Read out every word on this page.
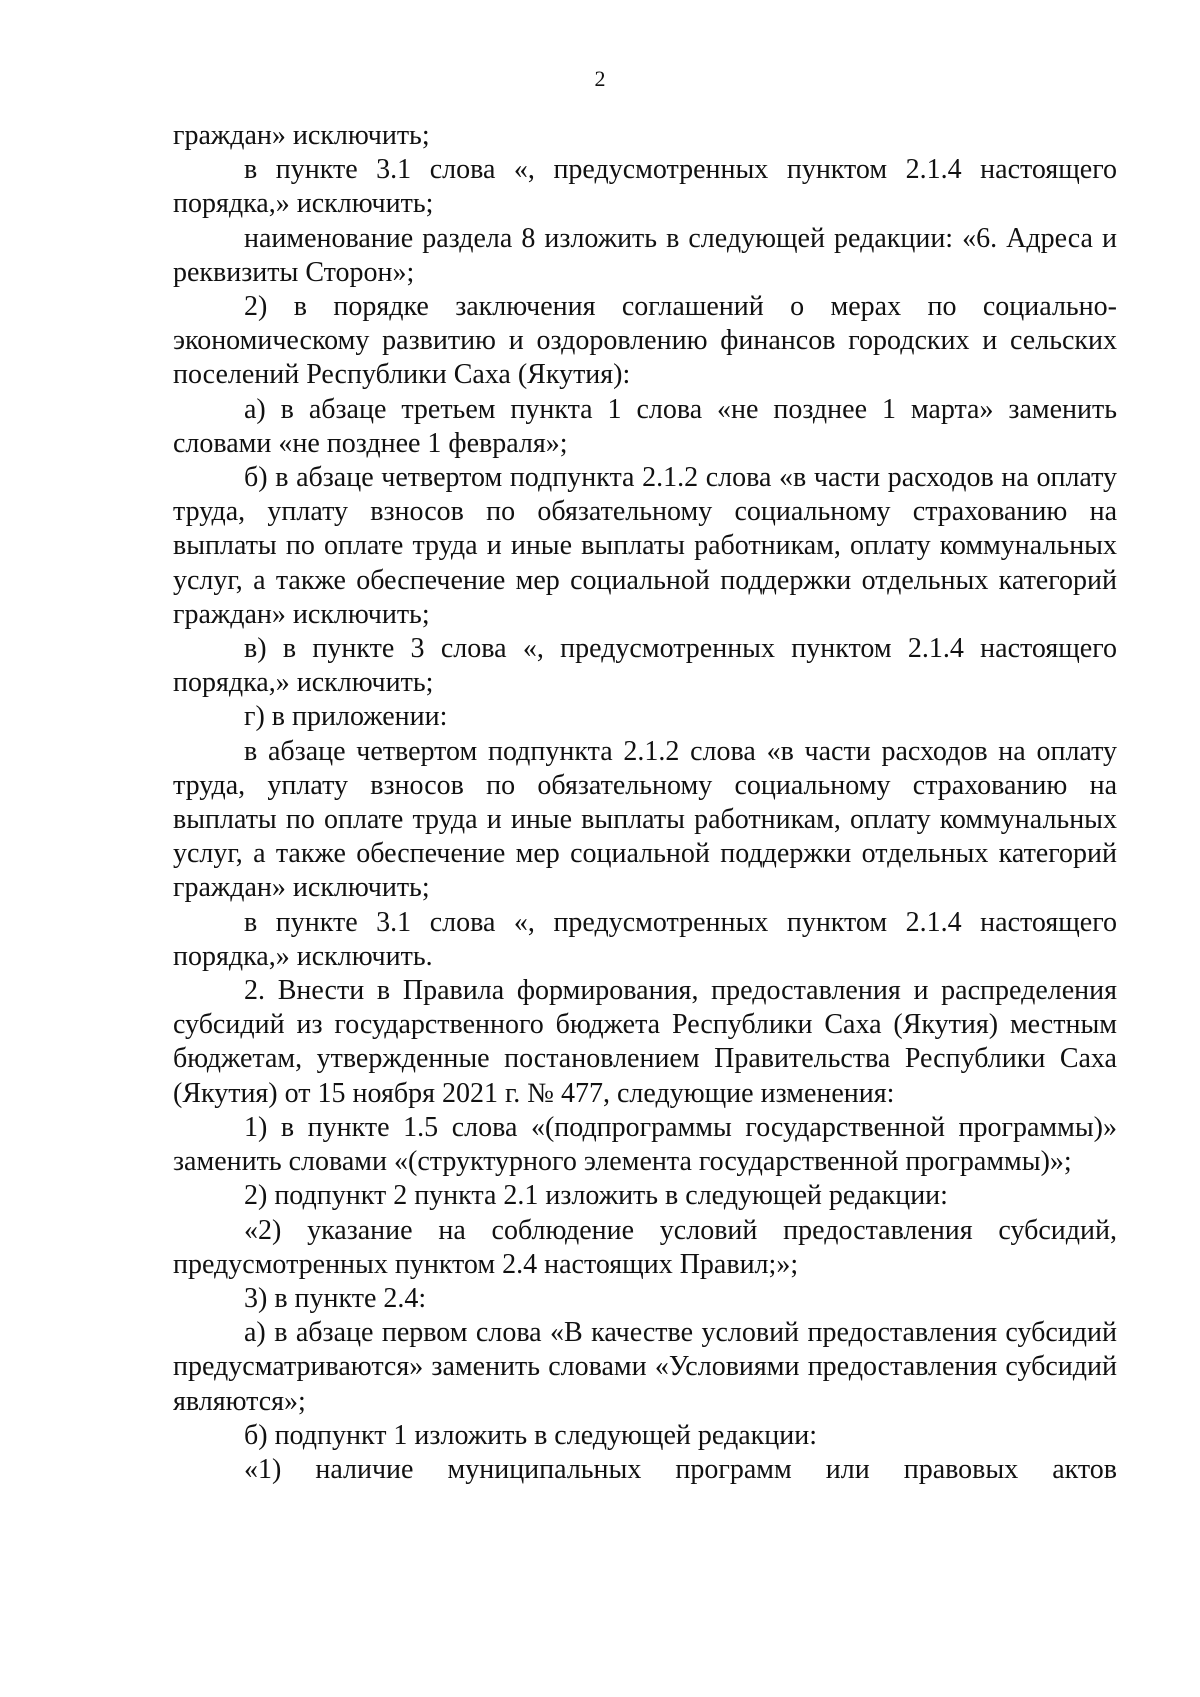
2

граждан» исключить;

в пункте 3.1 слова «, предусмотренных пунктом 2.1.4 настоящего порядка,» исключить;

наименование раздела 8 изложить в следующей редакции: «6. Адреса и реквизиты Сторон»;

2) в порядке заключения соглашений о мерах по социально-экономическому развитию и оздоровлению финансов городских и сельских поселений Республики Саха (Якутия):

а) в абзаце третьем пункта 1 слова «не позднее 1 марта» заменить словами «не позднее 1 февраля»;

б) в абзаце четвертом подпункта 2.1.2 слова «в части расходов на оплату труда, уплату взносов по обязательному социальному страхованию на выплаты по оплате труда и иные выплаты работникам, оплату коммунальных услуг, а также обеспечение мер социальной поддержки отдельных категорий граждан» исключить;

в) в пункте 3 слова «, предусмотренных пунктом 2.1.4 настоящего порядка,» исключить;

г) в приложении:

в абзаце четвертом подпункта 2.1.2 слова «в части расходов на оплату труда, уплату взносов по обязательному социальному страхованию на выплаты по оплате труда и иные выплаты работникам, оплату коммунальных услуг, а также обеспечение мер социальной поддержки отдельных категорий граждан» исключить;

в пункте 3.1 слова «, предусмотренных пунктом 2.1.4 настоящего порядка,» исключить.

2. Внести в Правила формирования, предоставления и распределения субсидий из государственного бюджета Республики Саха (Якутия) местным бюджетам, утвержденные постановлением Правительства Республики Саха (Якутия) от 15 ноября 2021 г. № 477, следующие изменения:

1) в пункте 1.5 слова «(подпрограммы государственной программы)» заменить словами «(структурного элемента государственной программы)»;

2) подпункт 2 пункта 2.1 изложить в следующей редакции:

«2) указание на соблюдение условий предоставления субсидий, предусмотренных пунктом 2.4 настоящих Правил;»;

3) в пункте 2.4:

а) в абзаце первом слова «В качестве условий предоставления субсидий предусматриваются» заменить словами «Условиями предоставления субсидий являются»;

б) подпункт 1 изложить в следующей редакции:

«1) наличие муниципальных программ или правовых актов
